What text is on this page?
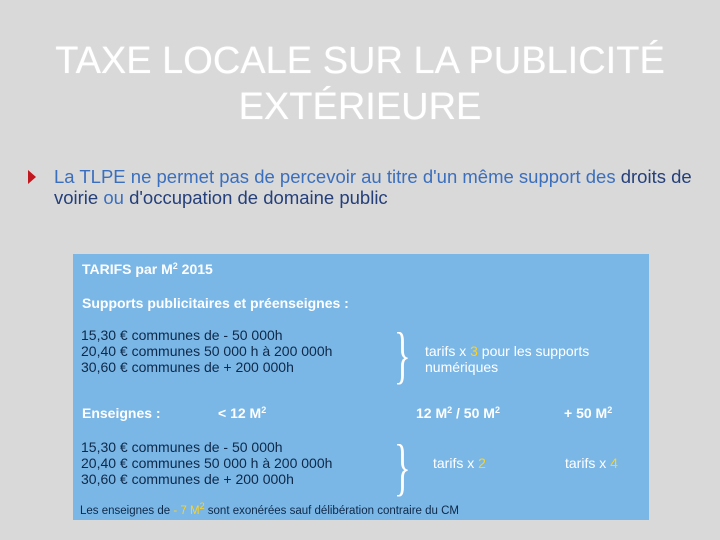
TAXE LOCALE SUR LA PUBLICITÉ
EXTÉRIEURE
La TLPE ne permet pas de percevoir au titre d'un même support des droits de voirie ou d'occupation de domaine public
TARIFS par $M^2$ 2015
Supports publicitaires et préenseignes :
15,30 € communes de - 50 000h
20,40 € communes 50 000 h à 200 000h
30,60 € communes de + 200 000h	} tarifs x 3 pour les supports
numériques
Enseignes :	< 12 $M^2$	12 $M^2 / 50$ $M^2$	+ 50 $M^2$
15,30 € communes de - 50 000h
20,40 € communes 50 000 h à 200 000h
30,60 € communes de + 200 000h	} tarifs x 2	tarifs x 4
Les enseignes de - 7 $M^2$ sont exonérées sauf délibération contraire du CM
